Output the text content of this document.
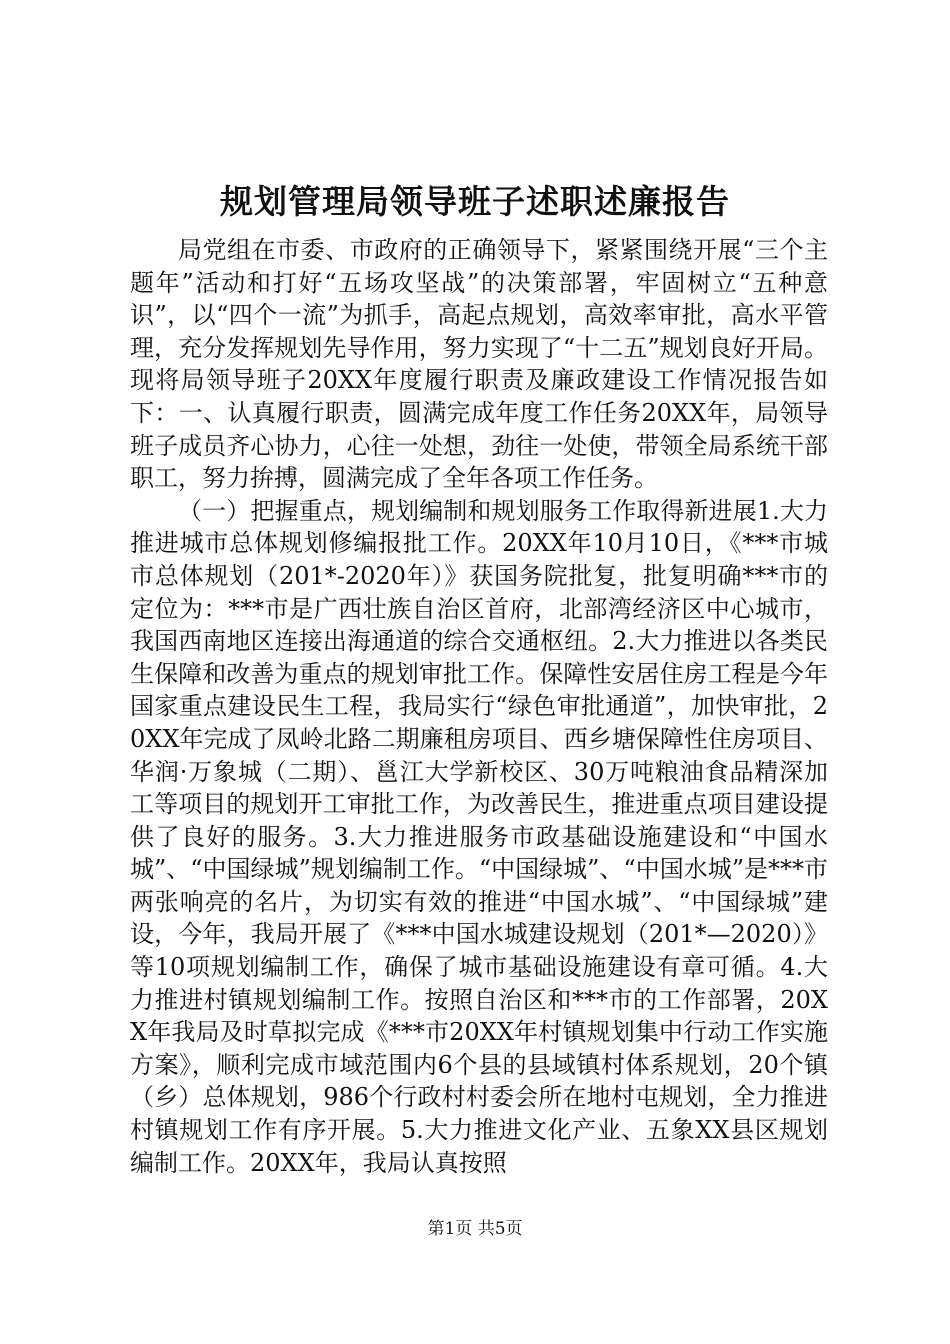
规划管理局领导班子述职述廉报告

局党组在市委、市政府的正确领导下，紧紧围绕开展“三个主题年”活动和打好“五场攻坚战”的决策部署，牢固树立“五种意识”，以“四个一流”为抓手，高起点规划，高效率审批，高水平管理，充分发挥规划先导作用，努力实现了“十二五”规划良好开局。现将局领导班子20XX年度履行职责及廉政建设工作情况报告如下：一、认真履行职责，圆满完成年度工作任务20XX年，局领导班子成员齐心协力，心往一处想，劲往一处使，带领全局系统干部职工，努力拚搏，圆满完成了全年各项工作任务。

（一）把握重点，规划编制和规划服务工作取得新进展1.大力推进城市总体规划修编报批工作。20XX年10月10日，《***市城市总体规划（201*-2020年）》获国务院批复，批复明确***市的定位为：***市是广西壮族自治区首府，北部湾经济区中心城市，我国西南地区连接出海通道的综合交通枢纽。2.大力推进以各类民生保障和改善为重点的规划审批工作。保障性安居住房工程是今年国家重点建设民生工程，我局实行“绿色审批通道”，加快审批，20XX年完成了凤岭北路二期廉租房项目、西乡塘保障性住房项目、华润·万象城（二期）、邕江大学新校区、30万吨粮油食品精深加工等项目的规划开工审批工作，为改善民生，推进重点项目建设提供了良好的服务。3.大力推进服务市政基础设施建设和“中国水城”、“中国绿城”规划编制工作。“中国绿城”、“中国水城”是***市两张响亮的名片，为切实有效的推进“中国水城”、“中国绿城”建设，今年，我局开展了《***中国水城建设规划（201*—2020）》等10项规划编制工作，确保了城市基础设施建设有章可循。4.大力推进村镇规划编制工作。按照自治区和***市的工作部署，20XX年我局及时草拟完成《***市20XX年村镇规划集中行动工作实施方案》，顺利完成市域范围内6个县的县域镇村体系规划，20个镇（乡）总体规划，986个行政村村委会所在地村屯规划，全力推进村镇规划工作有序开展。5.大力推进文化产业、五象XX县区规划编制工作。20XX年，我局认真按照

第1页 共5页
